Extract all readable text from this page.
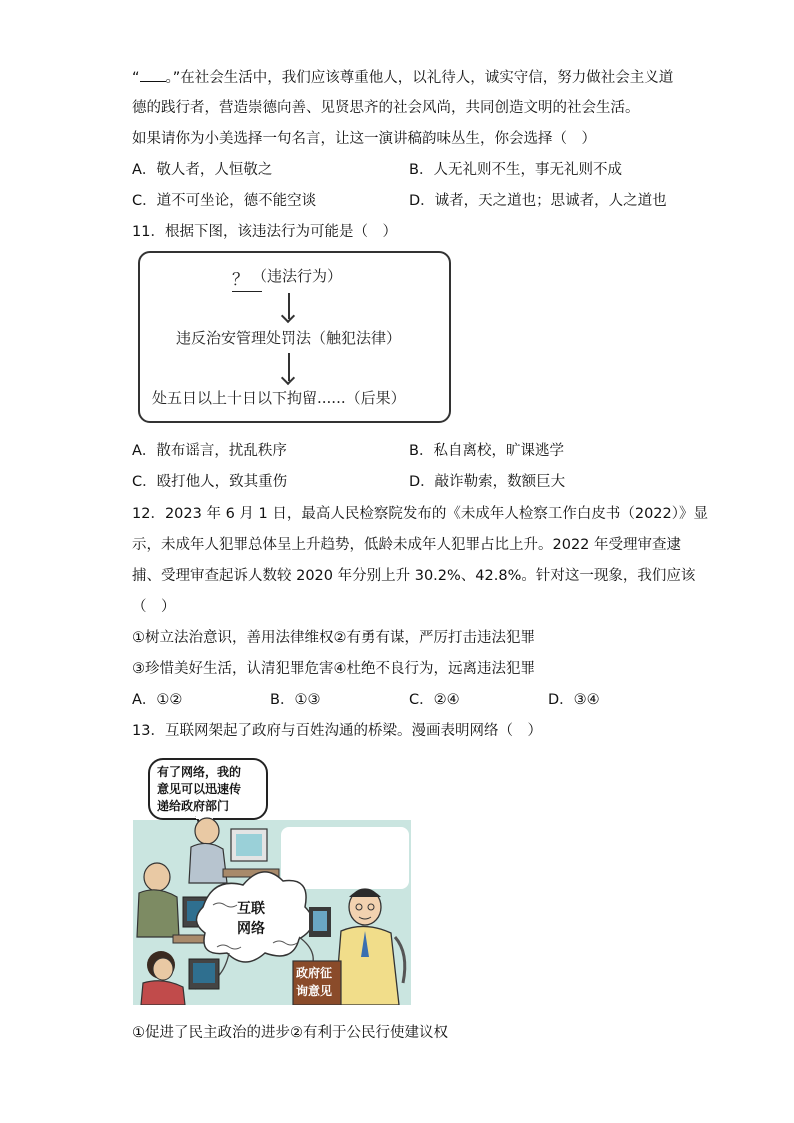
“ 。”在社会生活中，我们应该尊重他人，以礼待人，诚实守信，努力做社会主义道
德的践行者，营造崇德向善、见贤思齐的社会风尚，共同创造文明的社会生活。
如果请你为小美选择一句名言，让这一演讲稿韵味丛生，你会选择（　）
A．敬人者，人恒敬之	B．人无礼则不生，事无礼则不成
C．道不可坐论，德不能空谈	D．诚者，天之道也；思诚者，人之道也
11．根据下图，该违法行为可能是（　）
？ （违法行为）
违反治安管理处罚法（触犯法律）
处五日以上十日以下拘留......（后果）
A．散布谣言，扰乱秩序	B．私自离校，旷课逃学
C．殴打他人，致其重伤	D．敲诈勒索，数额巨大
12．2023 年 6 月 1 日，最高人民检察院发布的《未成年人检察工作白皮书（2022）》显
示，未成年人犯罪总体呈上升趋势，低龄未成年人犯罪占比上升。2022 年受理审查逮
捕、受理审查起诉人数较 2020 年分别上升 30.2%、42.8%。针对这一现象，我们应该
（　）
①树立法治意识，善用法律维权②有勇有谋，严厉打击违法犯罪
③珍惜美好生活，认清犯罪危害④杜绝不良行为，远离违法犯罪
A．①②	B．①③	C．②④	D．③④
13．互联网架起了政府与百姓沟通的桥梁。漫画表明网络（　）
有了网络，我的
意见可以迅速传
递给政府部门
互联
网络
政府征
询意见
①促进了民主政治的进步②有利于公民行使建议权
